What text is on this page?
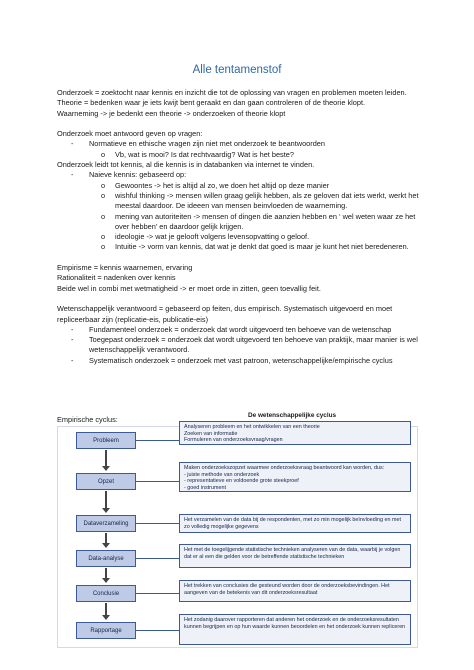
Alle tentamenstof
Onderzoek = zoektocht naar kennis en inzicht die tot de oplossing van vragen en problemen moeten leiden.
Theorie = bedenken waar je iets kwijt bent geraakt en dan gaan controleren of de theorie klopt.
Waarneming -> je bedenkt een theorie -> onderzoeken of theorie klopt
Onderzoek moet antwoord geven op vragen:
-	Normatieve en ethische vragen zijn niet met onderzoek te beantwoorden
o	Vb, wat is mooi? Is dat rechtvaardig? Wat is het beste?
Onderzoek leidt tot kennis, al die kennis is in databanken via internet te vinden.
-	Naieve kennis: gebaseerd op:
o	Gewoontes -> het is altijd al zo, we doen het altijd op deze manier
o	wishful thinking -> mensen willen graag gelijk hebben, als ze geloven dat iets werkt, werkt het meestal daardoor. De ideeen van mensen beinvloeden de waarneming.
o	mening van autoriteiten -> mensen of dingen die aanzien hebben en ‘ wel weten waar ze het over hebben’ en daardoor gelijk krijgen.
o	ideologie -> wat je gelooft volgens levensopvatting o geloof.
o	Intuitie -> vorm van kennis, dat wat je denkt dat goed is maar je kunt het niet beredeneren.
Empirisme = kennis waarnemen, ervaring
Rationaliteit = nadenken over kennis
Beide wel in combi met wetmatigheid -> er moet orde in zitten, geen toevallig feit.
Wetenschappelijk verantwoord = gebaseerd op feiten, dus empirisch. Systematisch uitgevoerd en moet repliceerbaar zijn (replicatie-eis, publicatie-eis)
-	Fundamenteel onderzoek = onderzoek dat wordt uitgevoerd ten behoeve van de wetenschap
-	Toegepast onderzoek = onderzoek dat wordt uitgevoerd ten behoeve van praktijk, maar manier is wel wetenschappelijk verantwoord.
-	Systematisch onderzoek = onderzoek met vast patroon, wetenschappelijke/empirische cyclus
Empirische cyclus:	De wetenschappelijke cyclus
Probleem
Opzet
Dataverzameling
Data-analyse
Conclusie
Rapportage
Analyseren probleem en het ontwikkelen van een theorie
Zoeken van informatie
Formuleren van onderzoeksvraag/vragen
Maken onderzoekszopzet waarmee onderzoeksvraag beantwoord kan worden, dus:
- juiste methode van onderzoek
- representatieve en voldoende grote steekproef
- goed instrument
Het verzamelen van de data bij de respondenten, met zo min mogelijk beïnvloeding en met zo volledig mogelijke gegevens
Het met de toegelijgende statistische technieken analyseren van de data, waarbij je volgen dat er al een die gelden voor de betreffende statistische technieken
Het trekken van conclusies die gesteund worden door de onderzoeksbevindingen. Het aangeven van de betekenis van dit onderzoeksresultaat
Het zodanig daarover rapporteren dat anderen het onderzoek en de onderzoeksresultaten kunnen begrijpen en op hun waarde kunnen beoordelen en het onderzoek kunnen repliceren
